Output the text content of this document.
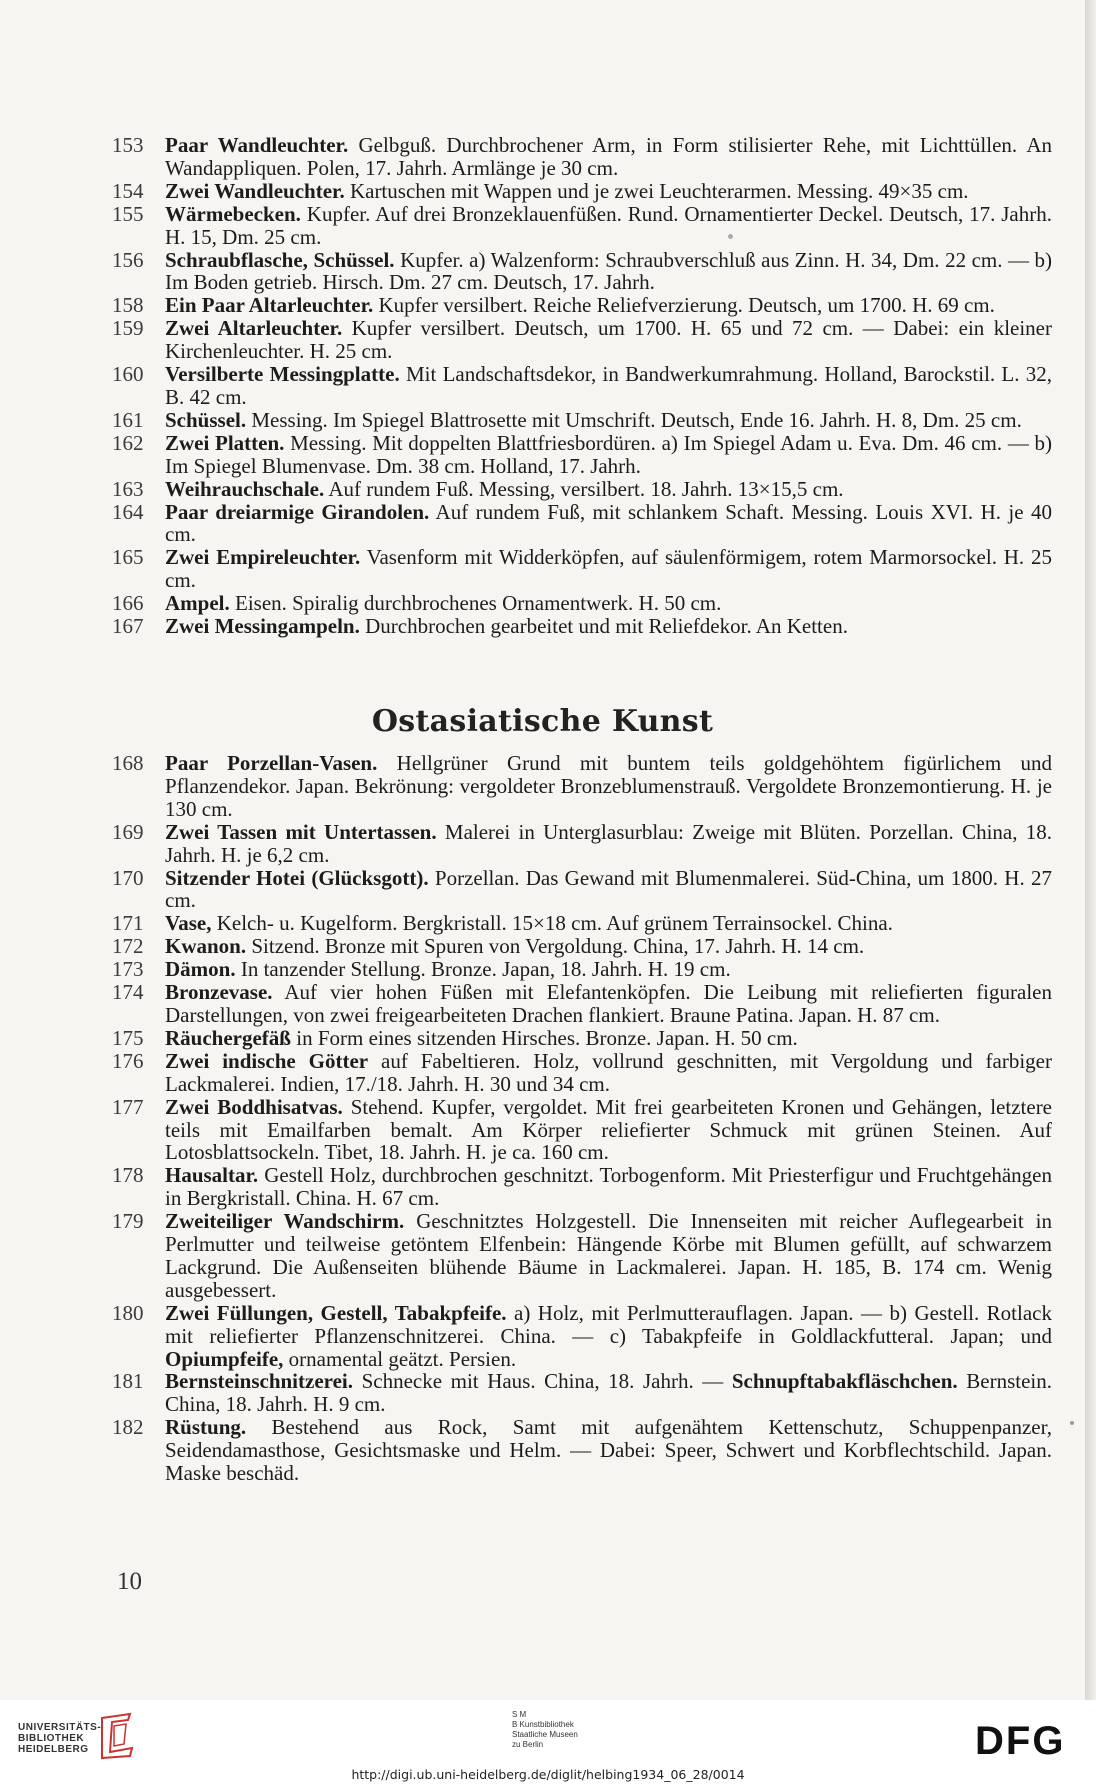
153	Paar Wandleuchter. Gelbguß. Durchbrochener Arm, in Form stilisierter Rehe, mit Lichttüllen. An Wandappliquen. Polen, 17. Jahrh. Armlänge je 30 cm.
154	Zwei Wandleuchter. Kartuschen mit Wappen und je zwei Leuchterarmen. Messing. 49×35 cm.
155	Wärmebecken. Kupfer. Auf drei Bronzeklauenfüßen. Rund. Ornamentierter Deckel. Deutsch, 17. Jahrh. H. 15, Dm. 25 cm.
156	Schraubflasche, Schüssel. Kupfer. a) Walzenform: Schraubverschluß aus Zinn. H. 34, Dm. 22 cm. — b) Im Boden getrieb. Hirsch. Dm. 27 cm. Deutsch, 17. Jahrh.
158	Ein Paar Altarleuchter. Kupfer versilbert. Reiche Reliefverzierung. Deutsch, um 1700. H. 69 cm.
159	Zwei Altarleuchter. Kupfer versilbert. Deutsch, um 1700. H. 65 und 72 cm. — Dabei: ein kleiner Kirchenleuchter. H. 25 cm.
160	Versilberte Messingplatte. Mit Landschaftsdekor, in Bandwerkumrahmung. Holland, Barockstil. L. 32, B. 42 cm.
161	Schüssel. Messing. Im Spiegel Blattrosette mit Umschrift. Deutsch, Ende 16. Jahrh. H. 8, Dm. 25 cm.
162	Zwei Platten. Messing. Mit doppelten Blattfriesbordüren. a) Im Spiegel Adam u. Eva. Dm. 46 cm. — b) Im Spiegel Blumenvase. Dm. 38 cm. Holland, 17. Jahrh.
163	Weihrauchschale. Auf rundem Fuß. Messing, versilbert. 18. Jahrh. 13×15,5 cm.
164	Paar dreiarmige Girandolen. Auf rundem Fuß, mit schlankem Schaft. Messing. Louis XVI. H. je 40 cm.
165	Zwei Empireleuchter. Vasenform mit Widderköpfen, auf säulenförmigem, rotem Marmorsockel. H. 25 cm.
166	Ampel. Eisen. Spiralig durchbrochenes Ornamentwerk. H. 50 cm.
167	Zwei Messingampeln. Durchbrochen gearbeitet und mit Reliefdekor. An Ketten.
Ostasiatische Kunst
168	Paar Porzellan-Vasen. Hellgrüner Grund mit buntem teils goldgehöhtem figürlichem und Pflanzendekor. Japan. Bekrönung: vergoldeter Bronzeblumenstrauß. Vergoldete Bronzemontierung. H. je 130 cm.
169	Zwei Tassen mit Untertassen. Malerei in Unterglasurblau: Zweige mit Blüten. Porzellan. China, 18. Jahrh. H. je 6,2 cm.
170	Sitzender Hotei (Glücksgott). Porzellan. Das Gewand mit Blumenmalerei. Süd-China, um 1800. H. 27 cm.
171	Vase, Kelch- u. Kugelform. Bergkristall. 15×18 cm. Auf grünem Terrainsockel. China.
172	Kwanon. Sitzend. Bronze mit Spuren von Vergoldung. China, 17. Jahrh. H. 14 cm.
173	Dämon. In tanzender Stellung. Bronze. Japan, 18. Jahrh. H. 19 cm.
174	Bronzevase. Auf vier hohen Füßen mit Elefantenköpfen. Die Leibung mit reliefierten figuralen Darstellungen, von zwei freigearbeiteten Drachen flankiert. Braune Patina. Japan. H. 87 cm.
175	Räuchergefäß in Form eines sitzenden Hirsches. Bronze. Japan. H. 50 cm.
176	Zwei indische Götter auf Fabeltieren. Holz, vollrund geschnitten, mit Vergoldung und farbiger Lackmalerei. Indien, 17./18. Jahrh. H. 30 und 34 cm.
177	Zwei Boddhisatvas. Stehend. Kupfer, vergoldet. Mit frei gearbeiteten Kronen und Gehängen, letztere teils mit Emailfarben bemalt. Am Körper reliefierter Schmuck mit grünen Steinen. Auf Lotosblattsockeln. Tibet, 18. Jahrh. H. je ca. 160 cm.
178	Hausaltar. Gestell Holz, durchbrochen geschnitzt. Torbogenform. Mit Priesterfigur und Fruchtgehängen in Bergkristall. China. H. 67 cm.
179	Zweiteiliger Wandschirm. Geschnitztes Holzgestell. Die Innenseiten mit reicher Auflegearbeit in Perlmutter und teilweise getöntem Elfenbein: Hängende Körbe mit Blumen gefüllt, auf schwarzem Lackgrund. Die Außenseiten blühende Bäume in Lackmalerei. Japan. H. 185, B. 174 cm. Wenig ausgebessert.
180	Zwei Füllungen, Gestell, Tabakpfeife. a) Holz, mit Perlmutterauflagen. Japan. — b) Gestell. Rotlack mit reliefierter Pflanzenschnitzerei. China. — c) Tabakpfeife in Goldlackfutteral. Japan; und Opiumpfeife, ornamental geätzt. Persien.
181	Bernsteinschnitzerei. Schnecke mit Haus. China, 18. Jahrh. — Schnupftabakfläschchen. Bernstein. China, 18. Jahrh. H. 9 cm.
182	Rüstung. Bestehend aus Rock, Samt mit aufgenähtem Kettenschutz, Schuppenpanzer, Seidendamasthose, Gesichtsmaske und Helm. — Dabei: Speer, Schwert und Korbflechtschild. Japan. Maske beschäd.
10
UNIVERSITÄTS-
BIBLIOTHEK
HEIDELBERG
S M
B Kunstbibliothek
Staatliche Museen
zu Berlin	DFG
http://digi.ub.uni-heidelberg.de/diglit/helbing1934_06_28/0014
